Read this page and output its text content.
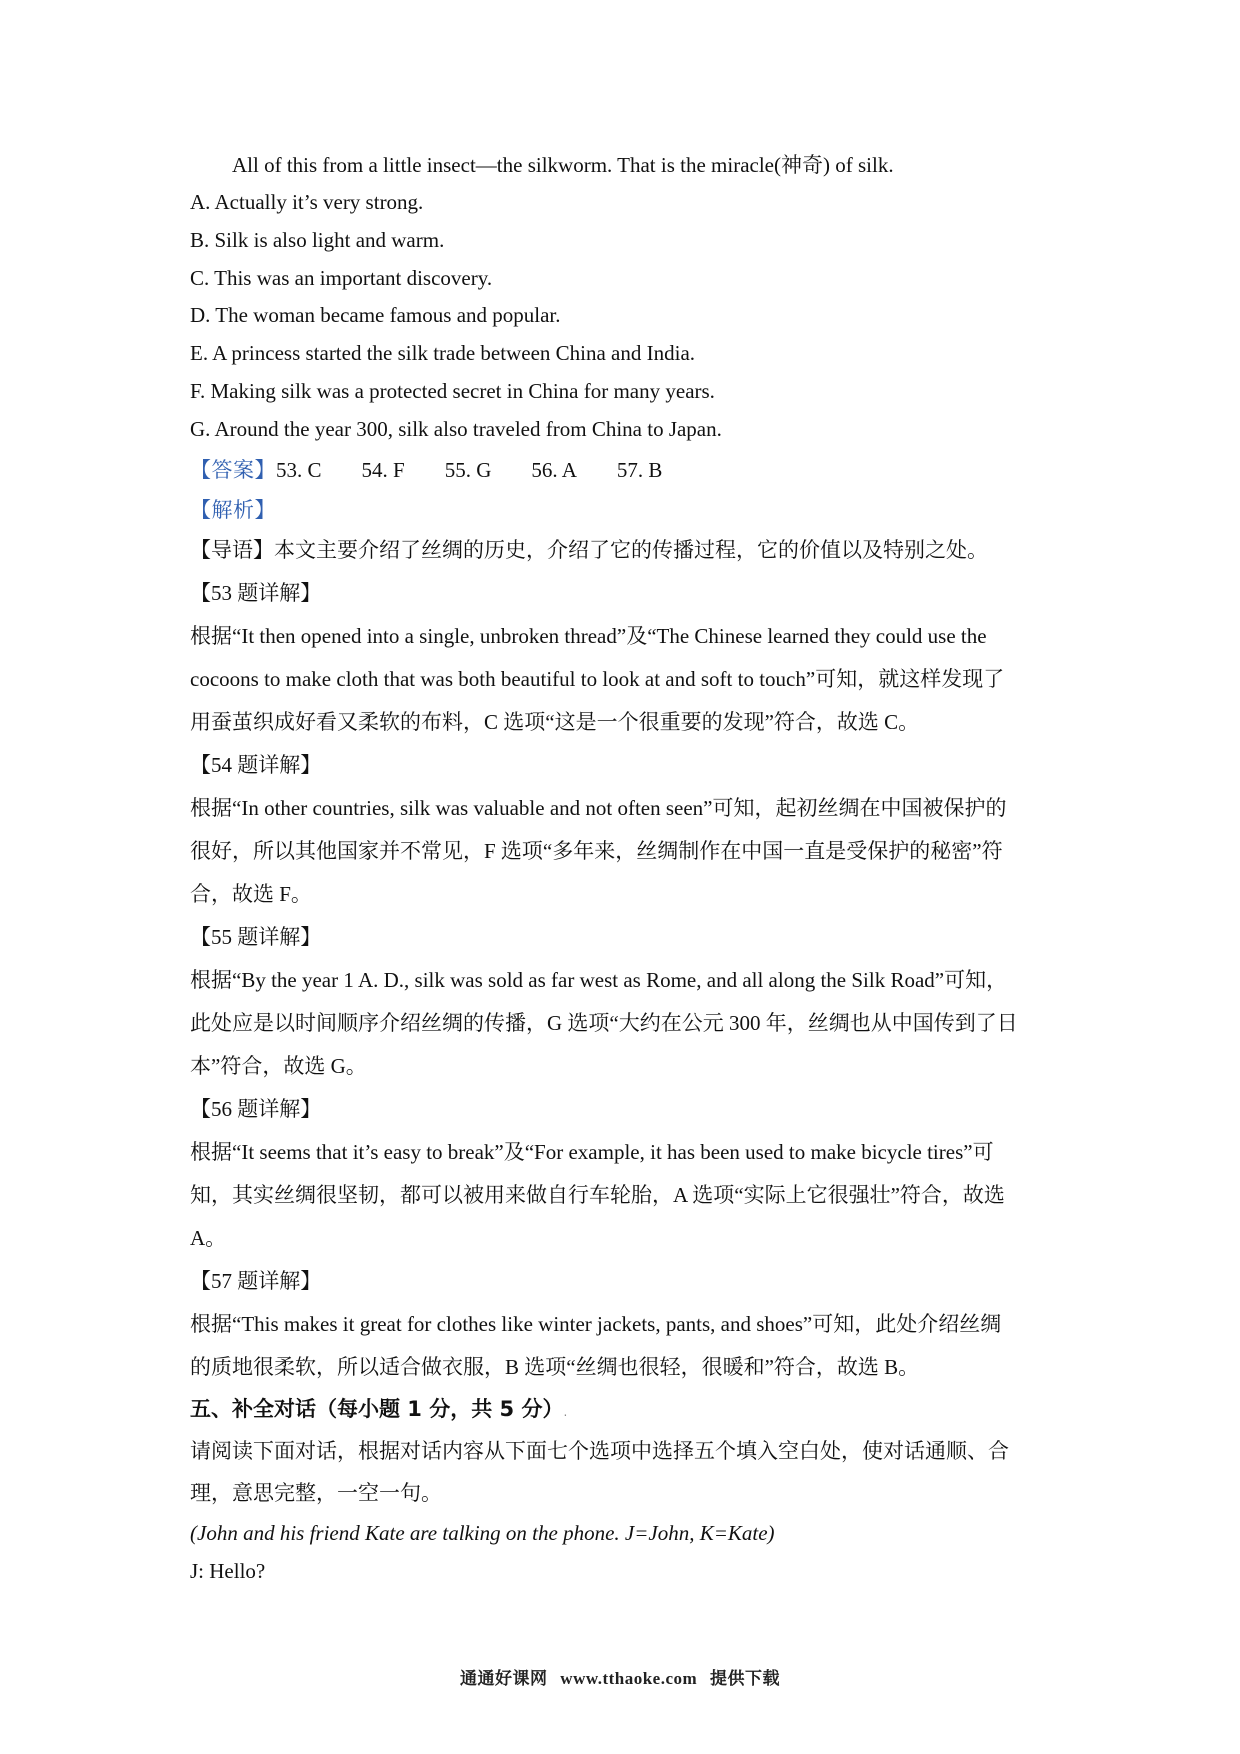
All of this from a little insect—the silkworm. That is the miracle(神奇) of silk.
A. Actually it’s very strong.
B. Silk is also light and warm.
C. This was an important discovery.
D. The woman became famous and popular.
E. A princess started the silk trade between China and India.
F. Making silk was a protected secret in China for many years.
G. Around the year 300, silk also traveled from China to Japan.
【答案】53. C 54. F 55. G 56. A 57. B
【解析】
【导语】本文主要介绍了丝绸的历史，介绍了它的传播过程，它的价值以及特别之处。
【53 题详解】
根据“It then opened into a single, unbroken thread”及“The Chinese learned they could use the
cocoons to make cloth that was both beautiful to look at and soft to touch”可知，就这样发现了
用蚕茧织成好看又柔软的布料，C 选项“这是一个很重要的发现”符合，故选 C。
【54 题详解】
根据“In other countries, silk was valuable and not often seen”可知，起初丝绸在中国被保护的
很好，所以其他国家并不常见，F 选项“多年来，丝绸制作在中国一直是受保护的秘密”符
合，故选 F。
【55 题详解】
根据“By the year 1 A. D., silk was sold as far west as Rome, and all along the Silk Road”可知，
此处应是以时间顺序介绍丝绸的传播，G 选项“大约在公元 300 年，丝绸也从中国传到了日
本”符合，故选 G。
【56 题详解】
根据“It seems that it’s easy to break”及“For example, it has been used to make bicycle tires”可
知，其实丝绸很坚韧，都可以被用来做自行车轮胎，A 选项“实际上它很强壮”符合，故选
A。
【57 题详解】
根据“This makes it great for clothes like winter jackets, pants, and shoes”可知，此处介绍丝绸
的质地很柔软，所以适合做衣服，B 选项“丝绸也很轻，很暖和”符合，故选 B。
五、补全对话（每小题 1 分，共 5 分）.
请阅读下面对话，根据对话内容从下面七个选项中选择五个填入空白处，使对话通顺、合
理，意思完整，一空一句。
(John and his friend Kate are talking on the phone. J=John, K=Kate)
J: Hello?
通通好课网 www.tthaoke.com 提供下载
